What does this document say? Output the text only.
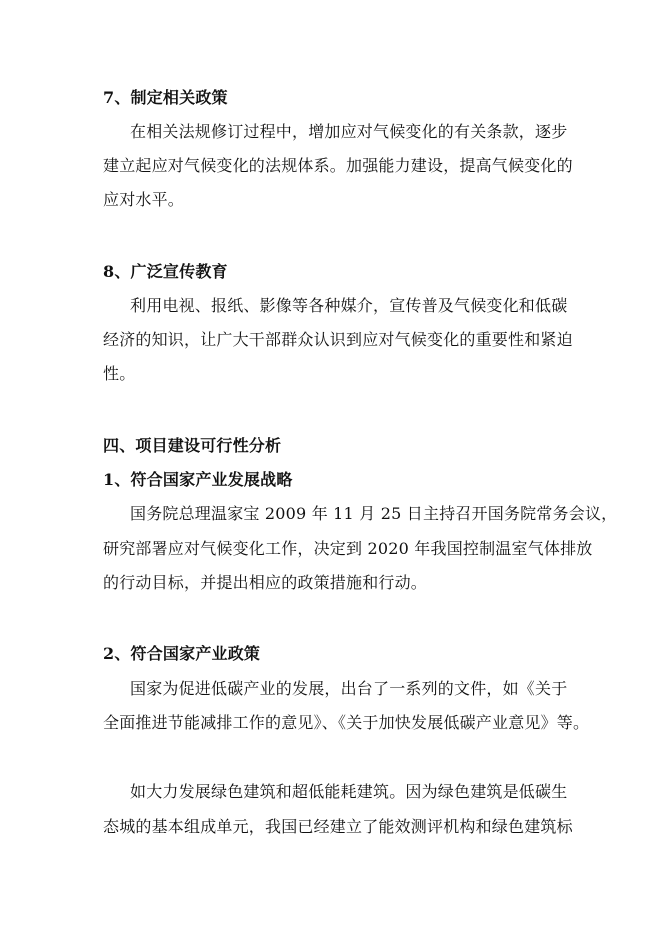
7、制定相关政策
在相关法规修订过程中，增加应对气候变化的有关条款，逐步
建立起应对气候变化的法规体系。加强能力建设，提高气候变化的
应对水平。
8、广泛宣传教育
利用电视、报纸、影像等各种媒介，宣传普及气候变化和低碳
经济的知识，让广大干部群众认识到应对气候变化的重要性和紧迫
性。
四、项目建设可行性分析
1、符合国家产业发展战略
国务院总理温家宝 2009 年 11 月 25 日主持召开国务院常务会议，
研究部署应对气候变化工作，决定到 2020 年我国控制温室气体排放
的行动目标，并提出相应的政策措施和行动。
2、符合国家产业政策
国家为促进低碳产业的发展，出台了一系列的文件，如《关于
全面推进节能减排工作的意见》、《关于加快发展低碳产业意见》等。
如大力发展绿色建筑和超低能耗建筑。因为绿色建筑是低碳生
态城的基本组成单元，我国已经建立了能效测评机构和绿色建筑标
